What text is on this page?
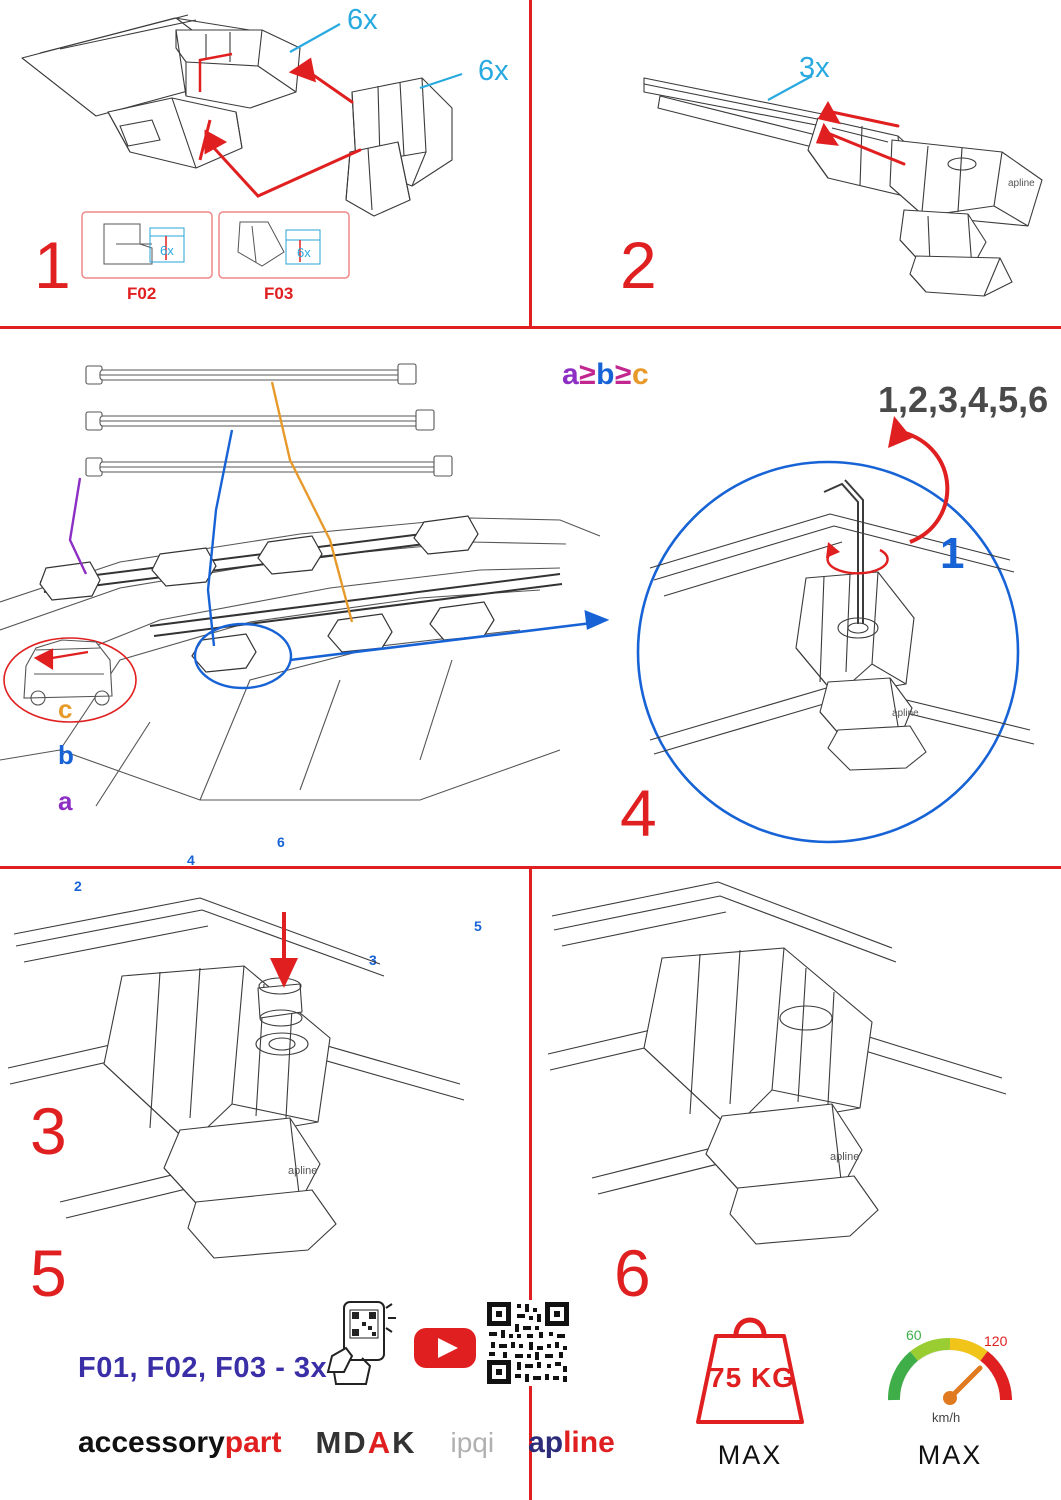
6x
6x
F02	F03
6x	6x
1
apline
3x
2
c
b
a
2
4
6
3
5
3
a≥b≥c
apline
1,2,3,4,5,6
1
4
apline
5
apline
6
F01, F02, F03 - 3x
accessorypart MDAK ipqi apline
75 KG
MAX
60	120
km/h
MAX
